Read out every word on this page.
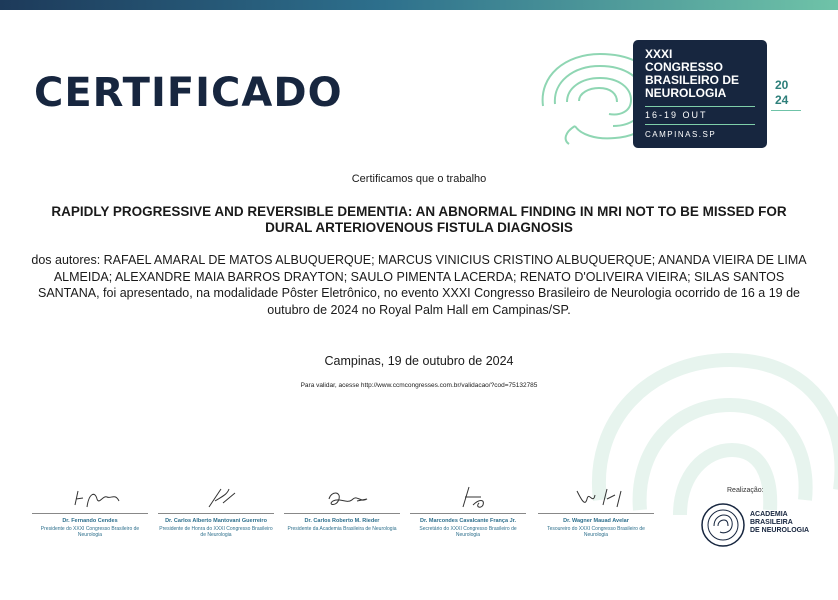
CERTIFICADO
XXXI
CONGRESSO
BRASILEIRO DE
NEUROLOGIA
16-19 OUT
CAMPINAS.SP
20
24
Certificamos que o trabalho
RAPIDLY PROGRESSIVE AND REVERSIBLE DEMENTIA: AN ABNORMAL FINDING IN MRI NOT TO BE MISSED FOR DURAL ARTERIOVENOUS FISTULA DIAGNOSIS
dos autores: RAFAEL AMARAL DE MATOS ALBUQUERQUE; MARCUS VINICIUS CRISTINO ALBUQUERQUE; ANANDA VIEIRA DE LIMA ALMEIDA; ALEXANDRE MAIA BARROS DRAYTON; SAULO PIMENTA LACERDA; RENATO D'OLIVEIRA VIEIRA; SILAS SANTOS SANTANA, foi apresentado, na modalidade Pôster Eletrônico, no evento XXXI Congresso Brasileiro de Neurologia ocorrido de 16 a 19 de outubro de 2024 no Royal Palm Hall em Campinas/SP.
Campinas, 19 de outubro de 2024
Para validar, acesse http://www.ccmcongresses.com.br/validacao/?cod=75132785
Dr. Fernando Cendes
Presidente do XXXI Congresso Brasileiro de Neurologia
Dr. Carlos Alberto Mantovani Guerreiro
Presidente de Honra do XXXI Congresso Brasileiro de Neurologia
Dr. Carlos Roberto M. Rieder
Presidente da Academia Brasileira de Neurologia
Dr. Marcondes Cavalcante França Jr.
Secretário do XXXI Congresso Brasileiro de Neurologia
Dr. Wagner Mauad Avelar
Tesoureiro do XXXI Congresso Brasileiro de Neurologia
Realização:
ACADEMIA
BRASILEIRA
DE NEUROLOGIA
